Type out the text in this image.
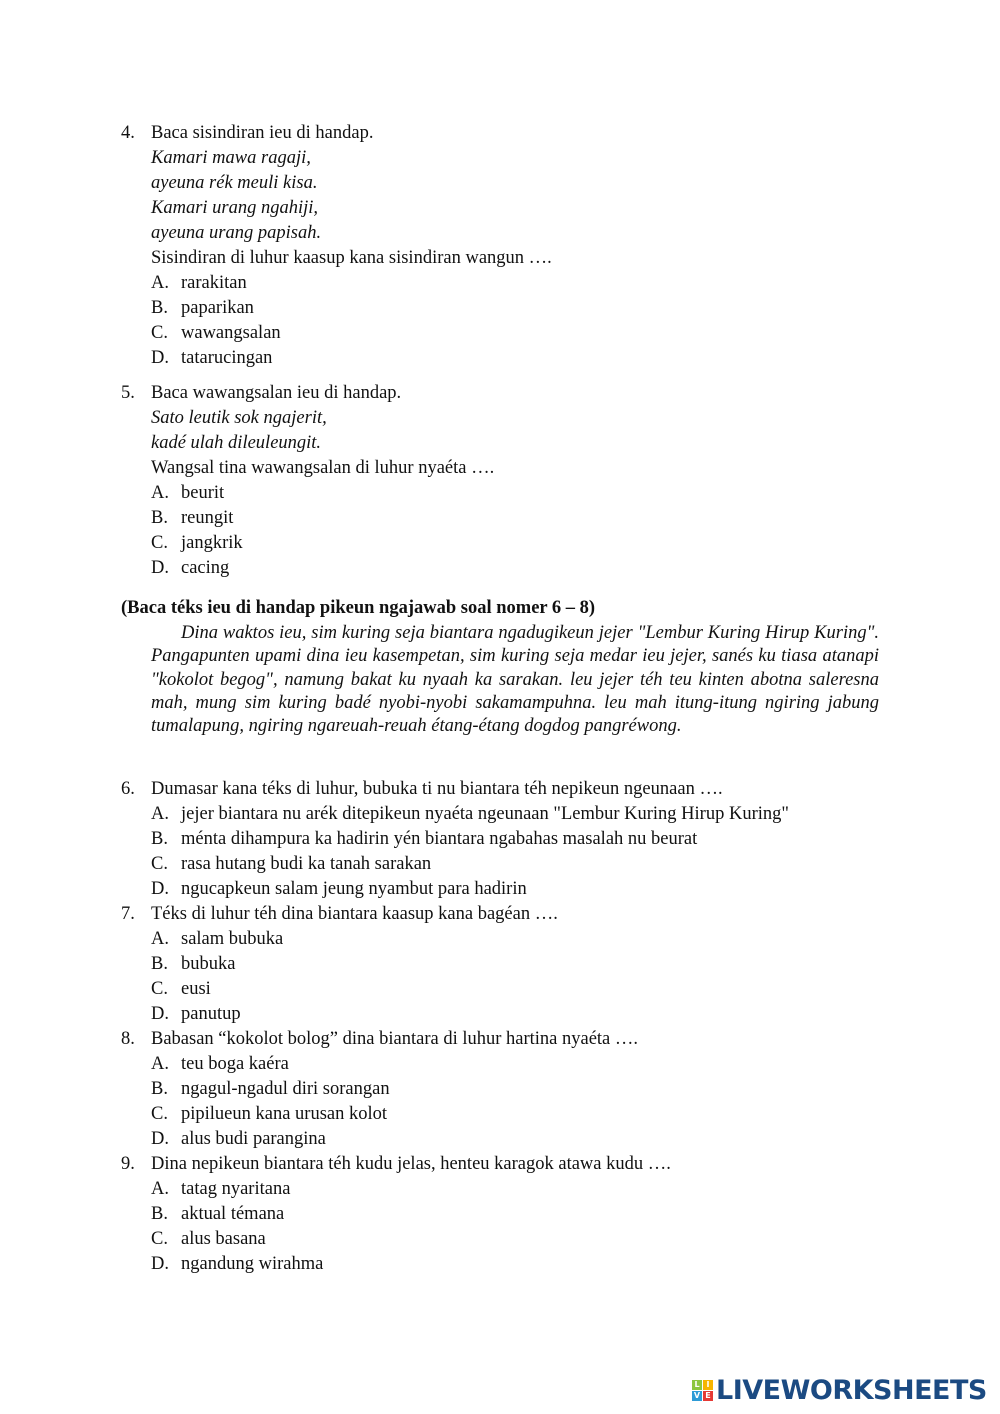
4. Baca sisindiran ieu di handap.
Kamari mawa ragaji,
ayeuna rék meuli kisa.
Kamari urang ngahiji,
ayeuna urang papisah.
Sisindiran di luhur kaasup kana sisindiran wangun ….
A. rarakitan
B. paparikan
C. wawangsalan
D. tatarucingan
5. Baca wawangsalan ieu di handap.
Sato leutik sok ngajerit,
kadé ulah dileuleungit.
Wangsal tina wawangsalan di luhur nyaéta ….
A. beurit
B. reungit
C. jangkrik
D. cacing
(Baca téks ieu di handap pikeun ngajawab soal nomer 6 – 8)
Dina waktos ieu, sim kuring seja biantara ngadugikeun jejer "Lembur Kuring Hirup Kuring". Pangapunten upami dina ieu kasempetan, sim kuring seja medar ieu jejer, sanés ku tiasa atanapi "kokolot begog", namung bakat ku nyaah ka sarakan. leu jejer téh teu kinten abotna saleresna mah, mung sim kuring badé nyobi-nyobi sakamampuhna. leu mah itung-itung ngiring jabung tumalapung, ngiring ngareuah-reuah étang-étang dogdog pangréwong.
6. Dumasar kana téks di luhur, bubuka ti nu biantara téh nepikeun ngeunaan ….
A. jejer biantara nu arék ditepikeun nyaéta ngeunaan "Lembur Kuring Hirup Kuring"
B. ménta dihampura ka hadirin yén biantara ngabahas masalah nu beurat
C. rasa hutang budi ka tanah sarakan
D. ngucapkeun salam jeung nyambut para hadirin
7. Téks di luhur téh dina biantara kaasup kana bagéan ….
A. salam bubuka
B. bubuka
C. eusi
D. panutup
8. Babasan “kokolot bolog” dina biantara di luhur hartina nyaéta ….
A. teu boga kaéra
B. ngagul-ngadul diri sorangan
C. pipilueun kana urusan kolot
D. alus budi parangina
9. Dina nepikeun biantara téh kudu jelas, henteu karagok atawa kudu ….
A. tatag nyaritana
B. aktual témana
C. alus basana
D. ngandung wirahma
L I
V E LIVEWORKSHEETS
